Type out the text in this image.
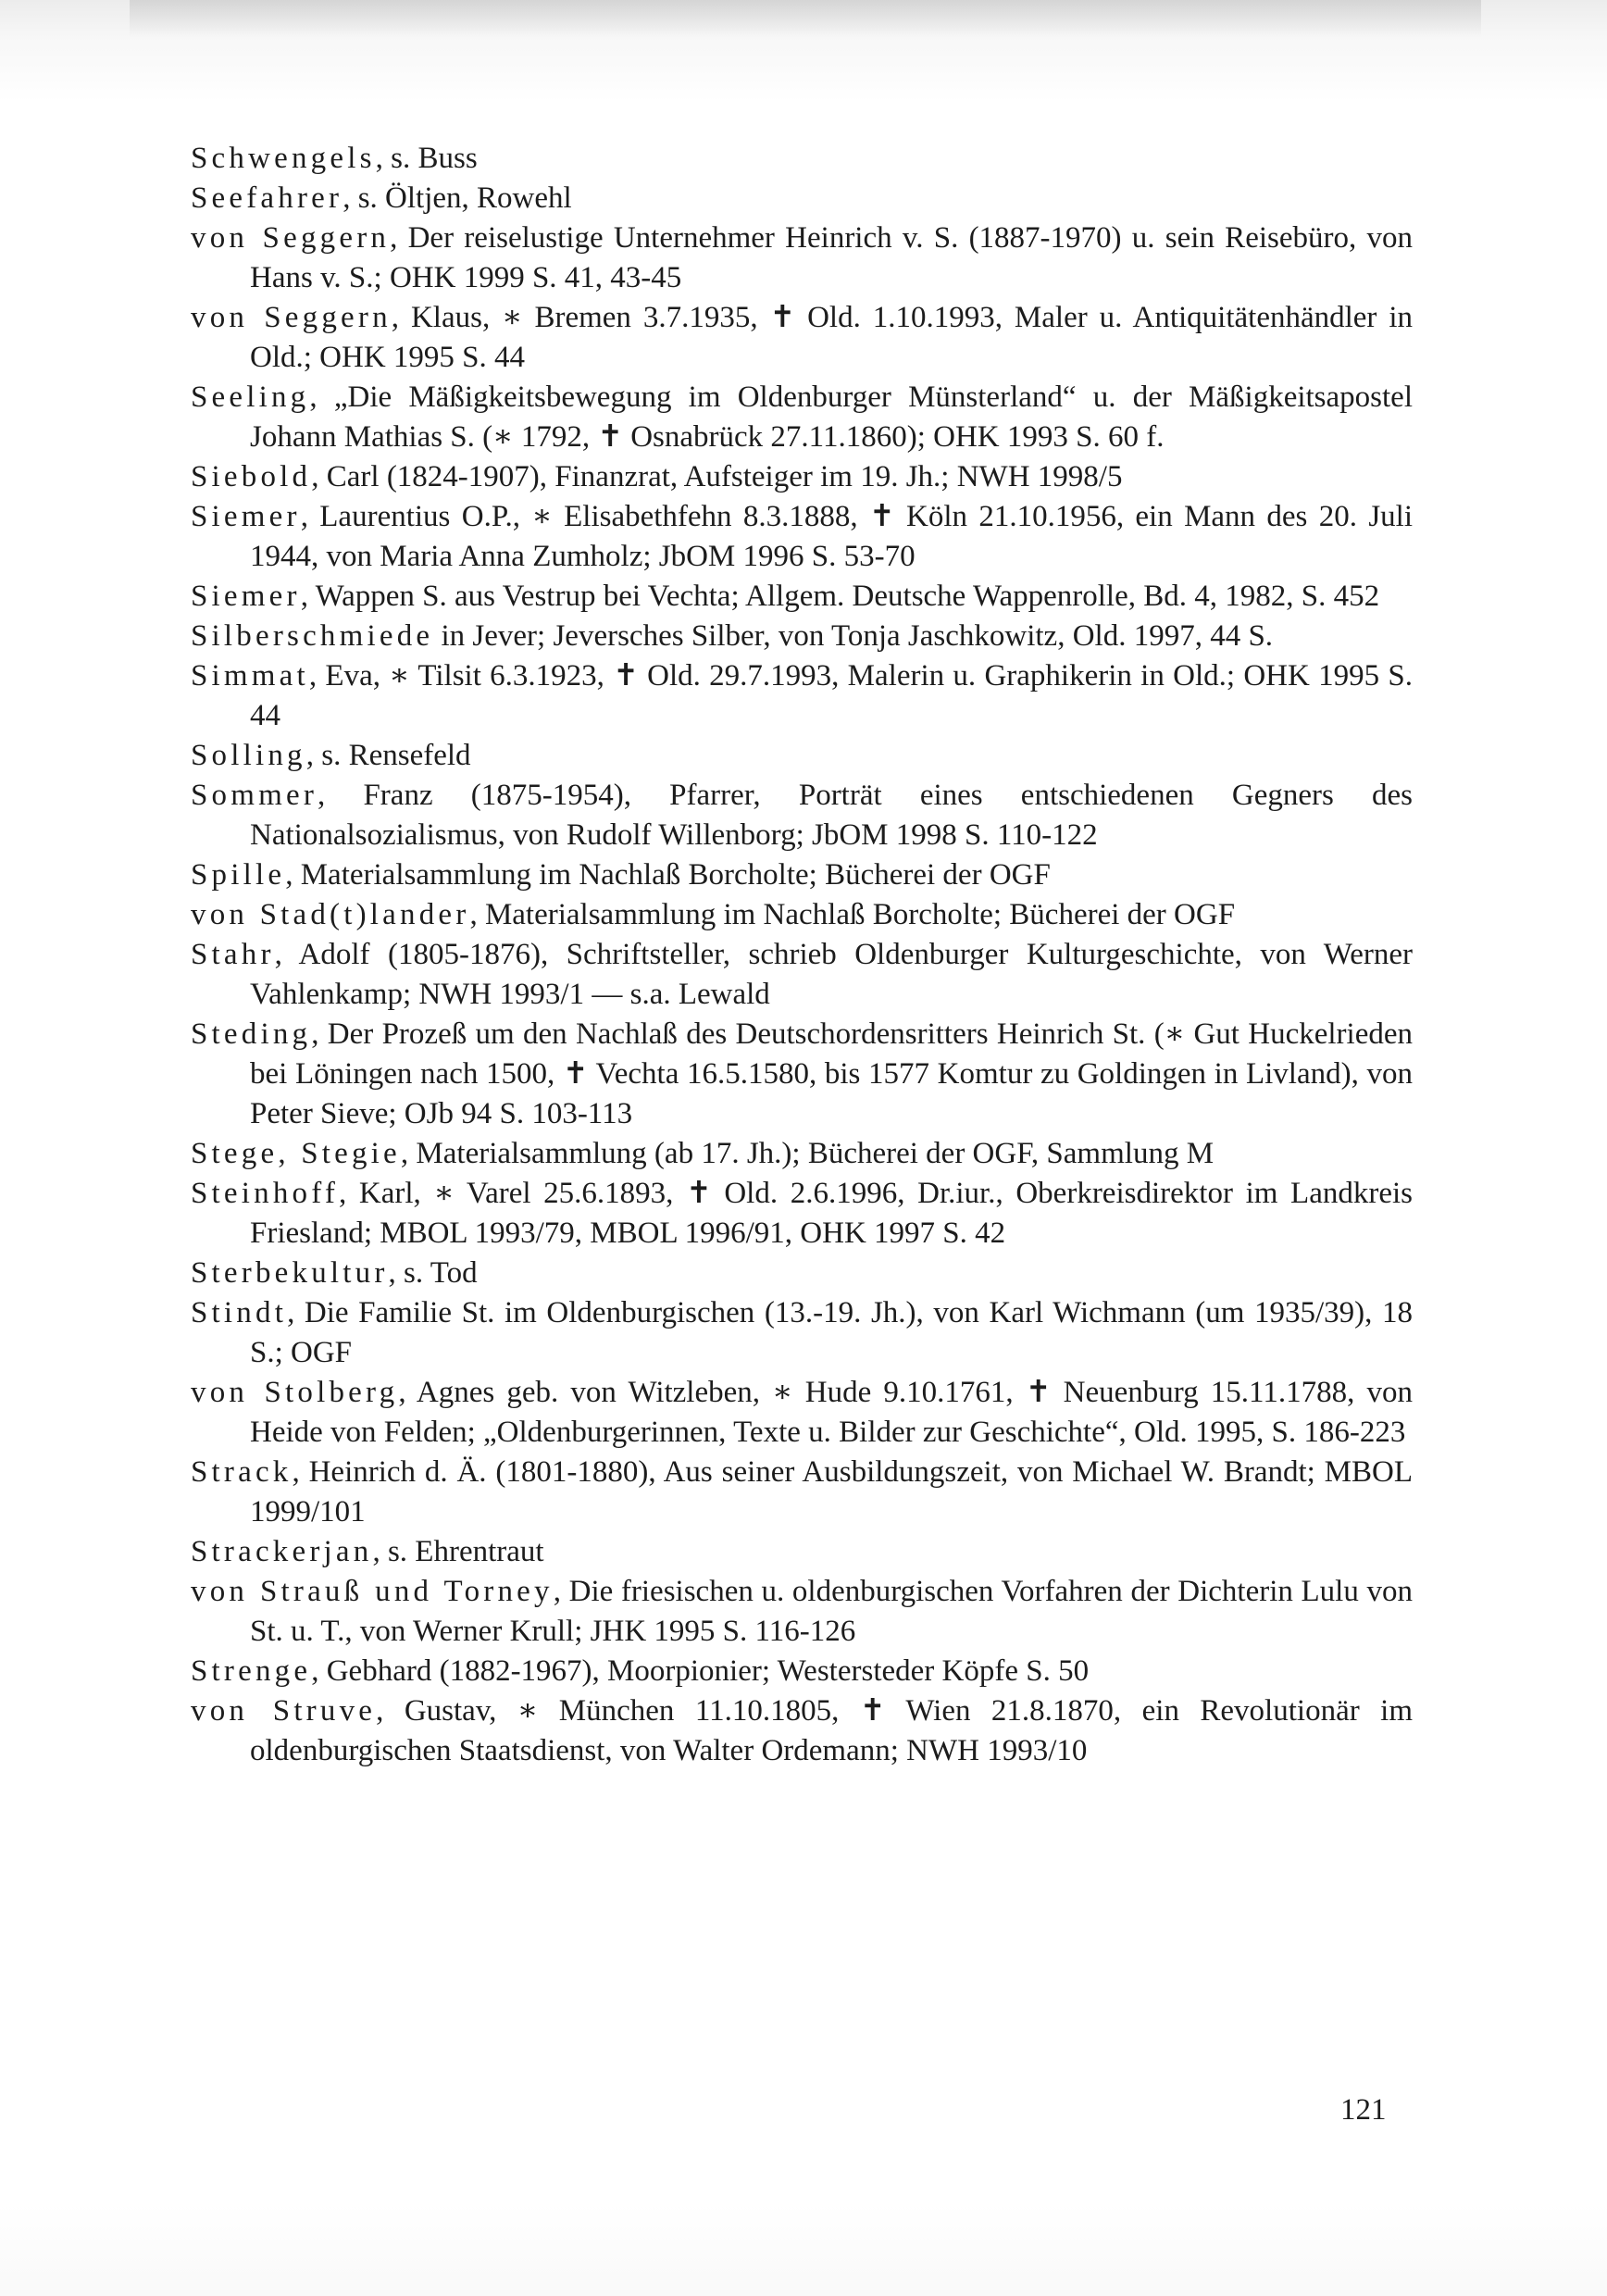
Schwengels, s. Buss

Seefahrer, s. Öltjen, Rowehl

von Seggern, Der reiselustige Unternehmer Heinrich v. S. (1887-1970) u. sein Reisebüro, von Hans v. S.; OHK 1999 S. 41, 43-45

von Seggern, Klaus, ∗ Bremen 3.7.1935, ✝ Old. 1.10.1993, Maler u. Antiquitätenhändler in Old.; OHK 1995 S. 44

Seeling, „Die Mäßigkeitsbewegung im Oldenburger Münsterland“ u. der Mäßigkeitsapostel Johann Mathias S. (∗ 1792, ✝ Osnabrück 27.11.1860); OHK 1993 S. 60 f.

Siebold, Carl (1824-1907), Finanzrat, Aufsteiger im 19. Jh.; NWH 1998/5

Siemer, Laurentius O.P., ∗ Elisabethfehn 8.3.1888, ✝ Köln 21.10.1956, ein Mann des 20. Juli 1944, von Maria Anna Zumholz; JbOM 1996 S. 53-70

Siemer, Wappen S. aus Vestrup bei Vechta; Allgem. Deutsche Wappenrolle, Bd. 4, 1982, S. 452

Silberschmiede in Jever; Jeversches Silber, von Tonja Jaschkowitz, Old. 1997, 44 S.

Simmat, Eva, ∗ Tilsit 6.3.1923, ✝ Old. 29.7.1993, Malerin u. Graphikerin in Old.; OHK 1995 S. 44

Solling, s. Rensefeld

Sommer, Franz (1875-1954), Pfarrer, Porträt eines entschiedenen Gegners des Nationalsozialismus, von Rudolf Willenborg; JbOM 1998 S. 110-122

Spille, Materialsammlung im Nachlaß Borcholte; Bücherei der OGF

von Stad(t)lander, Materialsammlung im Nachlaß Borcholte; Bücherei der OGF

Stahr, Adolf (1805-1876), Schriftsteller, schrieb Oldenburger Kulturgeschichte, von Werner Vahlenkamp; NWH 1993/1 — s.a. Lewald

Steding, Der Prozeß um den Nachlaß des Deutschordensritters Heinrich St. (∗ Gut Huckelrieden bei Löningen nach 1500, ✝ Vechta 16.5.1580, bis 1577 Komtur zu Goldingen in Livland), von Peter Sieve; OJb 94 S. 103-113

Stege, Stegie, Materialsammlung (ab 17. Jh.); Bücherei der OGF, Sammlung M

Steinhoff, Karl, ∗ Varel 25.6.1893, ✝ Old. 2.6.1996, Dr.iur., Oberkreisdirektor im Landkreis Friesland; MBOL 1993/79, MBOL 1996/91, OHK 1997 S. 42

Sterbekultur, s. Tod

Stindt, Die Familie St. im Oldenburgischen (13.-19. Jh.), von Karl Wichmann (um 1935/39), 18 S.; OGF

von Stolberg, Agnes geb. von Witzleben, ∗ Hude 9.10.1761, ✝ Neuenburg 15.11.1788, von Heide von Felden; „Oldenburgerinnen, Texte u. Bilder zur Geschichte“, Old. 1995, S. 186-223

Strack, Heinrich d. Ä. (1801-1880), Aus seiner Ausbildungszeit, von Michael W. Brandt; MBOL 1999/101

Strackerjan, s. Ehrentraut

von Strauß und Torney, Die friesischen u. oldenburgischen Vorfahren der Dichterin Lulu von St. u. T., von Werner Krull; JHK 1995 S. 116-126

Strenge, Gebhard (1882-1967), Moorpionier; Westersteder Köpfe S. 50

von Struve, Gustav, ∗ München 11.10.1805, ✝ Wien 21.8.1870, ein Revolutionär im oldenburgischen Staatsdienst, von Walter Ordemann; NWH 1993/10

121
